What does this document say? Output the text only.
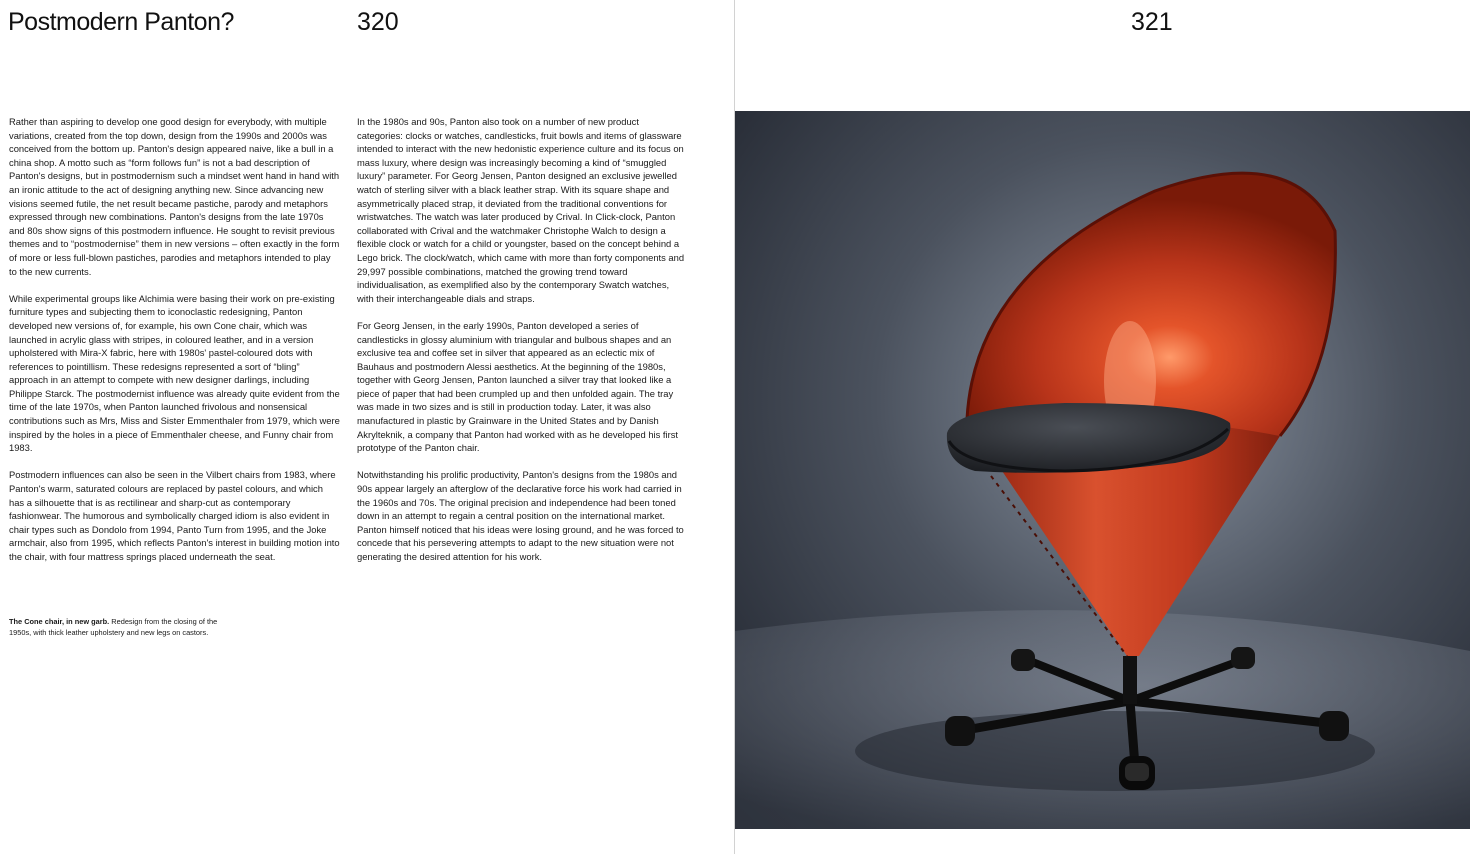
Postmodern Panton?	320

Rather than aspiring to develop one good design for everybody, with multiple variations, created from the top down, design from the 1990s and 2000s was conceived from the bottom up. Panton's design appeared naive, like a bull in a china shop. A motto such as “form follows fun” is not a bad description of Panton's designs, but in postmodernism such a mindset went hand in hand with an ironic attitude to the act of designing anything new. Since advancing new visions seemed futile, the net result became pastiche, parody and metaphors expressed through new combinations. Panton's designs from the late 1970s and 80s show signs of this postmodern influence. He sought to revisit previous themes and to “postmodernise” them in new versions – often exactly in the form of more or less full-blown pastiches, parodies and metaphors intended to play to the new currents.

While experimental groups like Alchimia were basing their work on pre-existing furniture types and subjecting them to iconoclastic redesigning, Panton developed new versions of, for example, his own Cone chair, which was launched in acrylic glass with stripes, in coloured leather, and in a version upholstered with Mira-X fabric, here with 1980s' pastel-coloured dots with references to pointillism. These redesigns represented a sort of “bling” approach in an attempt to compete with new designer darlings, including Philippe Starck. The postmodernist influence was already quite evident from the time of the late 1970s, when Panton launched frivolous and nonsensical contributions such as Mrs, Miss and Sister Emmenthaler from 1979, which were inspired by the holes in a piece of Emmenthaler cheese, and Funny chair from 1983.

Postmodern influences can also be seen in the Vilbert chairs from 1983, where Panton's warm, saturated colours are replaced by pastel colours, and which has a silhouette that is as rectilinear and sharp-cut as contemporary fashionwear. The humorous and symbolically charged idiom is also evident in chair types such as Dondolo from 1994, Panto Turn from 1995, and the Joke armchair, also from 1995, which reflects Panton's interest in building motion into the chair, with four mattress springs placed underneath the seat.

The Cone chair, in new garb. Redesign from the closing of the 1950s, with thick leather upholstery and new legs on castors.

In the 1980s and 90s, Panton also took on a number of new product categories: clocks or watches, candlesticks, fruit bowls and items of glassware intended to interact with the new hedonistic experience culture and its focus on mass luxury, where design was increasingly becoming a kind of “smuggled luxury” parameter. For Georg Jensen, Panton designed an exclusive jewelled watch of sterling silver with a black leather strap. With its square shape and asymmetrically placed strap, it deviated from the traditional conventions for wristwatches. The watch was later produced by Crival. In Click-clock, Panton collaborated with Crival and the watchmaker Christophe Walch to design a flexible clock or watch for a child or youngster, based on the concept behind a Lego brick. The clock/watch, which came with more than forty components and 29,997 possible combinations, matched the growing trend toward individualisation, as exemplified also by the contemporary Swatch watches, with their interchangeable dials and straps.

For Georg Jensen, in the early 1990s, Panton developed a series of candlesticks in glossy aluminium with triangular and bulbous shapes and an exclusive tea and coffee set in silver that appeared as an eclectic mix of Bauhaus and postmodern Alessi aesthetics. At the beginning of the 1980s, together with Georg Jensen, Panton launched a silver tray that looked like a piece of paper that had been crumpled up and then unfolded again. The tray was made in two sizes and is still in production today. Later, it was also manufactured in plastic by Grainware in the United States and by Danish Akrylteknik, a company that Panton had worked with as he developed his first prototype of the Panton chair.

Notwithstanding his prolific productivity, Panton's designs from the 1980s and 90s appear largely an afterglow of the declarative force his work had carried in the 1960s and 70s. The original precision and independence had been toned down in an attempt to regain a central position on the international market. Panton himself noticed that his ideas were losing ground, and he was forced to concede that his persevering attempts to adapt to the new situation were not generating the desired attention for his work.

321
